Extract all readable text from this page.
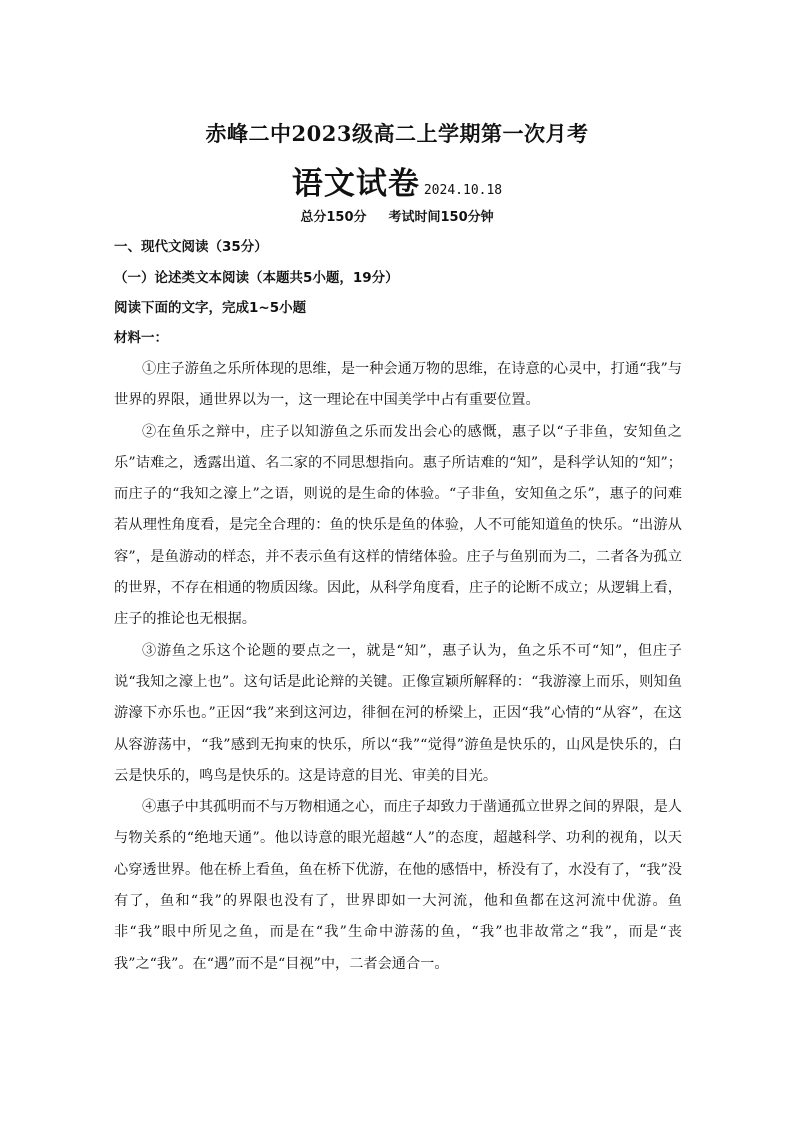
赤峰二中2023级高二上学期第一次月考
语文试卷 2024.10.18
总分150分 考试时间150分钟
一、现代文阅读（35分）
（一）论述类文本阅读（本题共5小题，19分）
阅读下面的文字，完成1~5小题
材料一：

①庄子游鱼之乐所体现的思维，是一种会通万物的思维，在诗意的心灵中，打通“我”与世界的界限，通世界以为一，这一理论在中国美学中占有重要位置。

②在鱼乐之辩中，庄子以知游鱼之乐而发出会心的感慨，惠子以“子非鱼，安知鱼之乐”诘难之，透露出道、名二家的不同思想指向。惠子所诘难的“知”，是科学认知的“知”；而庄子的“我知之濠上”之语，则说的是生命的体验。“子非鱼，安知鱼之乐”，惠子的问难若从理性角度看，是完全合理的：鱼的快乐是鱼的体验，人不可能知道鱼的快乐。“出游从容”，是鱼游动的样态，并不表示鱼有这样的情绪体验。庄子与鱼别而为二，二者各为孤立的世界，不存在相通的物质因缘。因此，从科学角度看，庄子的论断不成立；从逻辑上看，庄子的推论也无根据。

③游鱼之乐这个论题的要点之一，就是“知”，惠子认为，鱼之乐不可“知”，但庄子说“我知之濠上也”。这句话是此论辩的关键。正像宣颖所解释的：“我游濠上而乐，则知鱼游濠下亦乐也。”正因“我”来到这河边，徘徊在河的桥梁上，正因“我”心情的“从容”，在这从容游荡中，“我”感到无拘束的快乐，所以“我”“觉得”游鱼是快乐的，山风是快乐的，白云是快乐的，鸣鸟是快乐的。这是诗意的目光、审美的目光。

④惠子中其孤明而不与万物相通之心，而庄子却致力于凿通孤立世界之间的界限，是人与物关系的“绝地天通”。他以诗意的眼光超越“人”的态度，超越科学、功利的视角，以天心穿透世界。他在桥上看鱼，鱼在桥下优游，在他的感悟中，桥没有了，水没有了，“我”没有了，鱼和“我”的界限也没有了，世界即如一大河流，他和鱼都在这河流中优游。鱼非“我”眼中所见之鱼，而是在“我”生命中游荡的鱼，“我”也非故常之“我”，而是“丧我”之“我”。在“遇”而不是“目视”中，二者会通合一。
